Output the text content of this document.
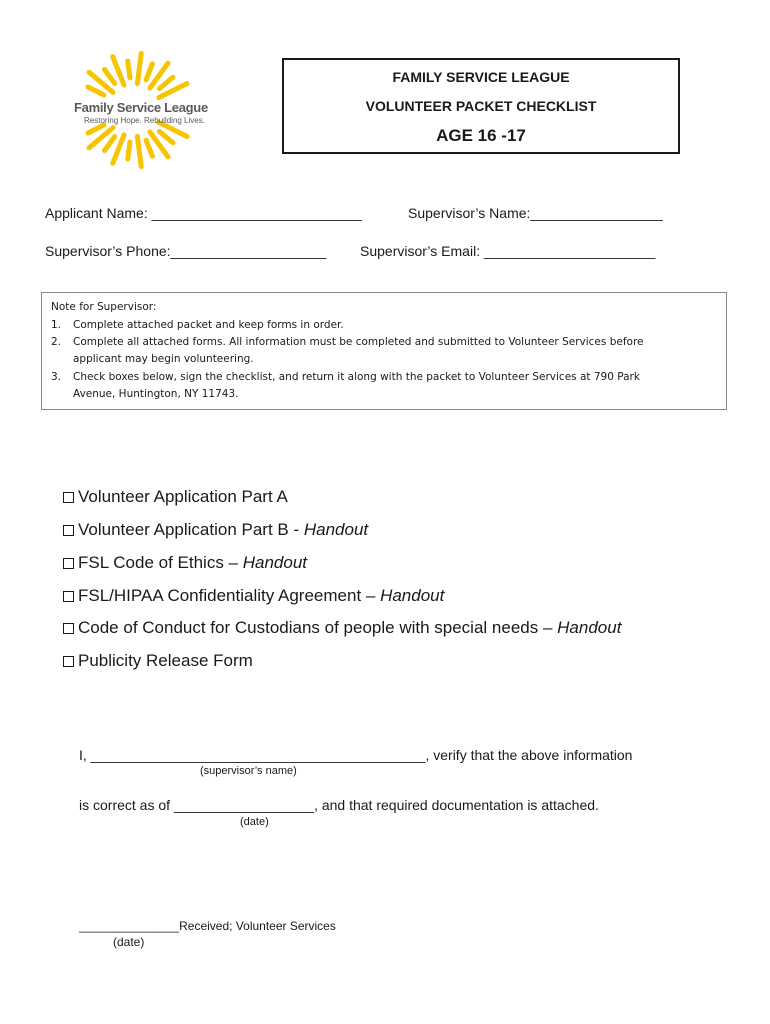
Family Service League
Restoring Hope. Rebuilding Lives.
FAMILY SERVICE LEAGUE
VOLUNTEER PACKET CHECKLIST
AGE 16 -17
Applicant Name: ___________________________	Supervisor’s Name:_________________
Supervisor’s Phone:____________________ Supervisor’s Email: ______________________
Note for Supervisor:
1. Complete attached packet and keep forms in order.
2. Complete all attached forms. All information must be completed and submitted to Volunteer Services before
applicant may begin volunteering.
3. Check boxes below, sign the checklist, and return it along with the packet to Volunteer Services at 790 Park
Avenue, Huntington, NY 11743.
Volunteer Application Part A
Volunteer Application Part B - Handout
FSL Code of Ethics – Handout
FSL/HIPAA Confidentiality Agreement – Handout
Code of Conduct for Custodians of people with special needs – Handout
Publicity Release Form
I, ___________________________________________, verify that the above information
(supervisor’s name)
is correct as of __________________, and that required documentation is attached.
(date)
_______________Received; Volunteer Services
(date)
